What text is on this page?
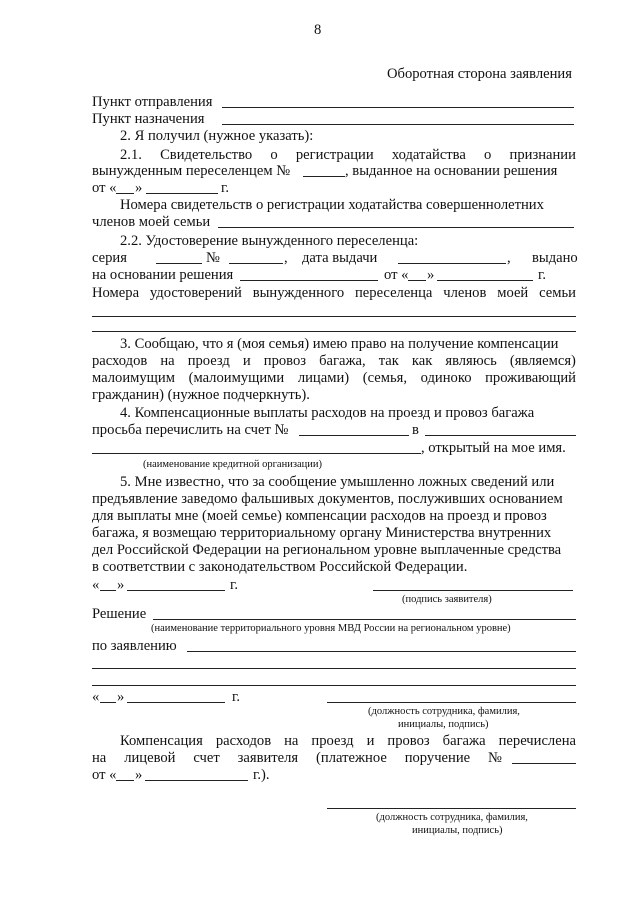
8
Оборотная сторона заявления
Пункт отправления
Пункт назначения
2. Я получил (нужное указать):
2.1. Свидетельство о регистрации ходатайства о признании
вынужденным переселенцем №	, выданное на основании решения
от « »	г.
Номера свидетельств о регистрации ходатайства совершеннолетних
членов моей семьи
2.2. Удостоверение вынужденного переселенца:
серия	№	, дата выдачи	, выдано
на основании решения	от « »	г.
Номера удостоверений вынужденного переселенца членов моей семьи
3. Сообщаю, что я (моя семья) имею право на получение компенсации
расходов на проезд и провоз багажа, так как являюсь (являемся)
малоимущим (малоимущими лицами) (семья, одиноко проживающий
гражданин) (нужное подчеркнуть).
4. Компенсационные выплаты расходов на проезд и провоз багажа
просьба перечислить на счет №	в
, открытый на мое имя.
(наименование кредитной организации)
5. Мне известно, что за сообщение умышленно ложных сведений или
предъявление заведомо фальшивых документов, послуживших основанием
для выплаты мне (моей семье) компенсации расходов на проезд и провоз
багажа, я возмещаю территориальному органу Министерства внутренних
дел Российской Федерации на региональном уровне выплаченные средства
в соответствии с законодательством Российской Федерации.
« »	г.
(подпись заявителя)
Решение
(наименование территориального уровня МВД России на региональном уровне)
по заявлению
« »	г.
(должность сотрудника, фамилия,
инициалы, подпись)
Компенсация расходов на проезд и провоз багажа перечислена
на лицевой счет заявителя (платежное поручение №
от « »	г.).
(должность сотрудника, фамилия,
инициалы, подпись)
